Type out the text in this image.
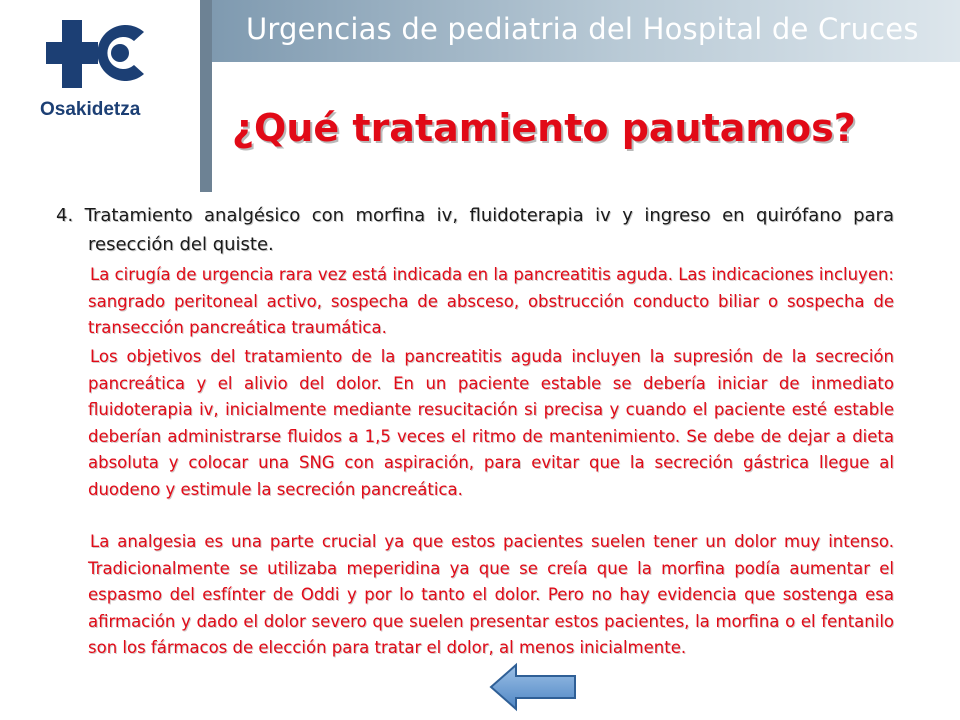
Urgencias de pediatria del Hospital de Cruces
Osakidetza ¿Qué tratamiento pautamos?
4. Tratamiento analgésico con morfina iv, fluidoterapia iv y ingreso en quirófano para resección del quiste.
La cirugía de urgencia rara vez está indicada en la pancreatitis aguda. Las indicaciones incluyen: sangrado peritoneal activo, sospecha de absceso, obstrucción conducto biliar o sospecha de transección pancreática traumática.
Los objetivos del tratamiento de la pancreatitis aguda incluyen la supresión de la secreción pancreática y el alivio del dolor. En un paciente estable se debería iniciar de inmediato fluidoterapia iv, inicialmente mediante resucitación si precisa y cuando el paciente esté estable deberían administrarse fluidos a 1,5 veces el ritmo de mantenimiento. Se debe de dejar a dieta absoluta y colocar una SNG con aspiración, para evitar que la secreción gástrica llegue al duodeno y estimule la secreción pancreática.
La analgesia es una parte crucial ya que estos pacientes suelen tener un dolor muy intenso. Tradicionalmente se utilizaba meperidina ya que se creía que la morfina podía aumentar el espasmo del esfínter de Oddi y por lo tanto el dolor. Pero no hay evidencia que sostenga esa afirmación y dado el dolor severo que suelen presentar estos pacientes, la morfina o el fentanilo son los fármacos de elección para tratar el dolor, al menos inicialmente.
